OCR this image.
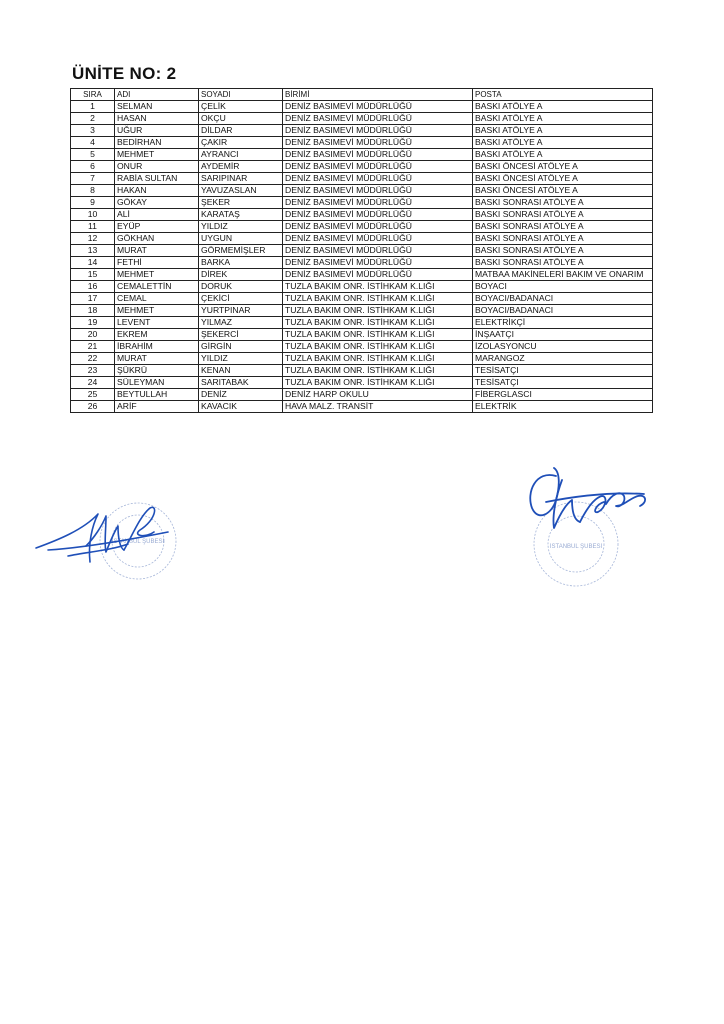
ÜNİTE NO: 2
SIRA	ADI	SOYADI	BİRİMİ	POSTA
1	SELMAN	ÇELİK	DENİZ BASIMEVİ MÜDÜRLÜĞÜ	BASKI ATÖLYE A
2	HASAN	OKÇU	DENİZ BASIMEVİ MÜDÜRLÜĞÜ	BASKI ATÖLYE A
3	UĞUR	DİLDAR	DENİZ BASIMEVİ MÜDÜRLÜĞÜ	BASKI ATÖLYE A
4	BEDİRHAN	ÇAKIR	DENİZ BASIMEVİ MÜDÜRLÜĞÜ	BASKI ATÖLYE A
5	MEHMET	AYRANCI	DENİZ BASIMEVİ MÜDÜRLÜĞÜ	BASKI ATÖLYE A
6	ONUR	AYDEMİR	DENİZ BASIMEVİ MÜDÜRLÜĞÜ	BASKI ÖNCESİ ATÖLYE A
7	RABİA SULTAN	SARIPINAR	DENİZ BASIMEVİ MÜDÜRLÜĞÜ	BASKI ÖNCESİ ATÖLYE A
8	HAKAN	YAVUZASLAN	DENİZ BASIMEVİ MÜDÜRLÜĞÜ	BASKI ÖNCESİ ATÖLYE A
9	GÖKAY	ŞEKER	DENİZ BASIMEVİ MÜDÜRLÜĞÜ	BASKI SONRASI ATÖLYE A
10	ALİ	KARATAŞ	DENİZ BASIMEVİ MÜDÜRLÜĞÜ	BASKI SONRASI ATÖLYE A
11	EYÜP	YILDIZ	DENİZ BASIMEVİ MÜDÜRLÜĞÜ	BASKI SONRASI ATÖLYE A
12	GÖKHAN	UYGUN	DENİZ BASIMEVİ MÜDÜRLÜĞÜ	BASKI SONRASI ATÖLYE A
13	MURAT	GÖRMEMİŞLER	DENİZ BASIMEVİ MÜDÜRLÜĞÜ	BASKI SONRASI ATÖLYE A
14	FETHİ	BARKA	DENİZ BASIMEVİ MÜDÜRLÜĞÜ	BASKI SONRASI ATÖLYE A
15	MEHMET	DİREK	DENİZ BASIMEVİ MÜDÜRLÜĞÜ	MATBAA MAKİNELERİ BAKIM VE ONARIM
16	CEMALETTİN	DORUK	TUZLA BAKIM ONR. İSTİHKAM K.LIĞI	BOYACI
17	CEMAL	ÇEKİCİ	TUZLA BAKIM ONR. İSTİHKAM K.LIĞI	BOYACI/BADANACI
18	MEHMET	YURTPINAR	TUZLA BAKIM ONR. İSTİHKAM K.LIĞI	BOYACI/BADANACI
19	LEVENT	YILMAZ	TUZLA BAKIM ONR. İSTİHKAM K.LIĞI	ELEKTRİKÇİ
20	EKREM	ŞEKERCİ	TUZLA BAKIM ONR. İSTİHKAM K.LIĞI	İNŞAATÇI
21	İBRAHİM	GİRGİN	TUZLA BAKIM ONR. İSTİHKAM K.LIĞI	İZOLASYONCU
22	MURAT	YILDIZ	TUZLA BAKIM ONR. İSTİHKAM K.LIĞI	MARANGOZ
23	ŞÜKRÜ	KENAN	TUZLA BAKIM ONR. İSTİHKAM K.LIĞI	TESİSATÇI
24	SÜLEYMAN	SARITABAK	TUZLA BAKIM ONR. İSTİHKAM K.LIĞI	TESİSATÇI
25	BEYTULLAH	DENİZ	DENİZ HARP OKULU	FİBERGLASCI
26	ARİF	KAVACIK	HAVA MALZ. TRANSİT	ELEKTRİK
İSTANBUL ŞUBESİ
İSTANBUL ŞUBESİ
